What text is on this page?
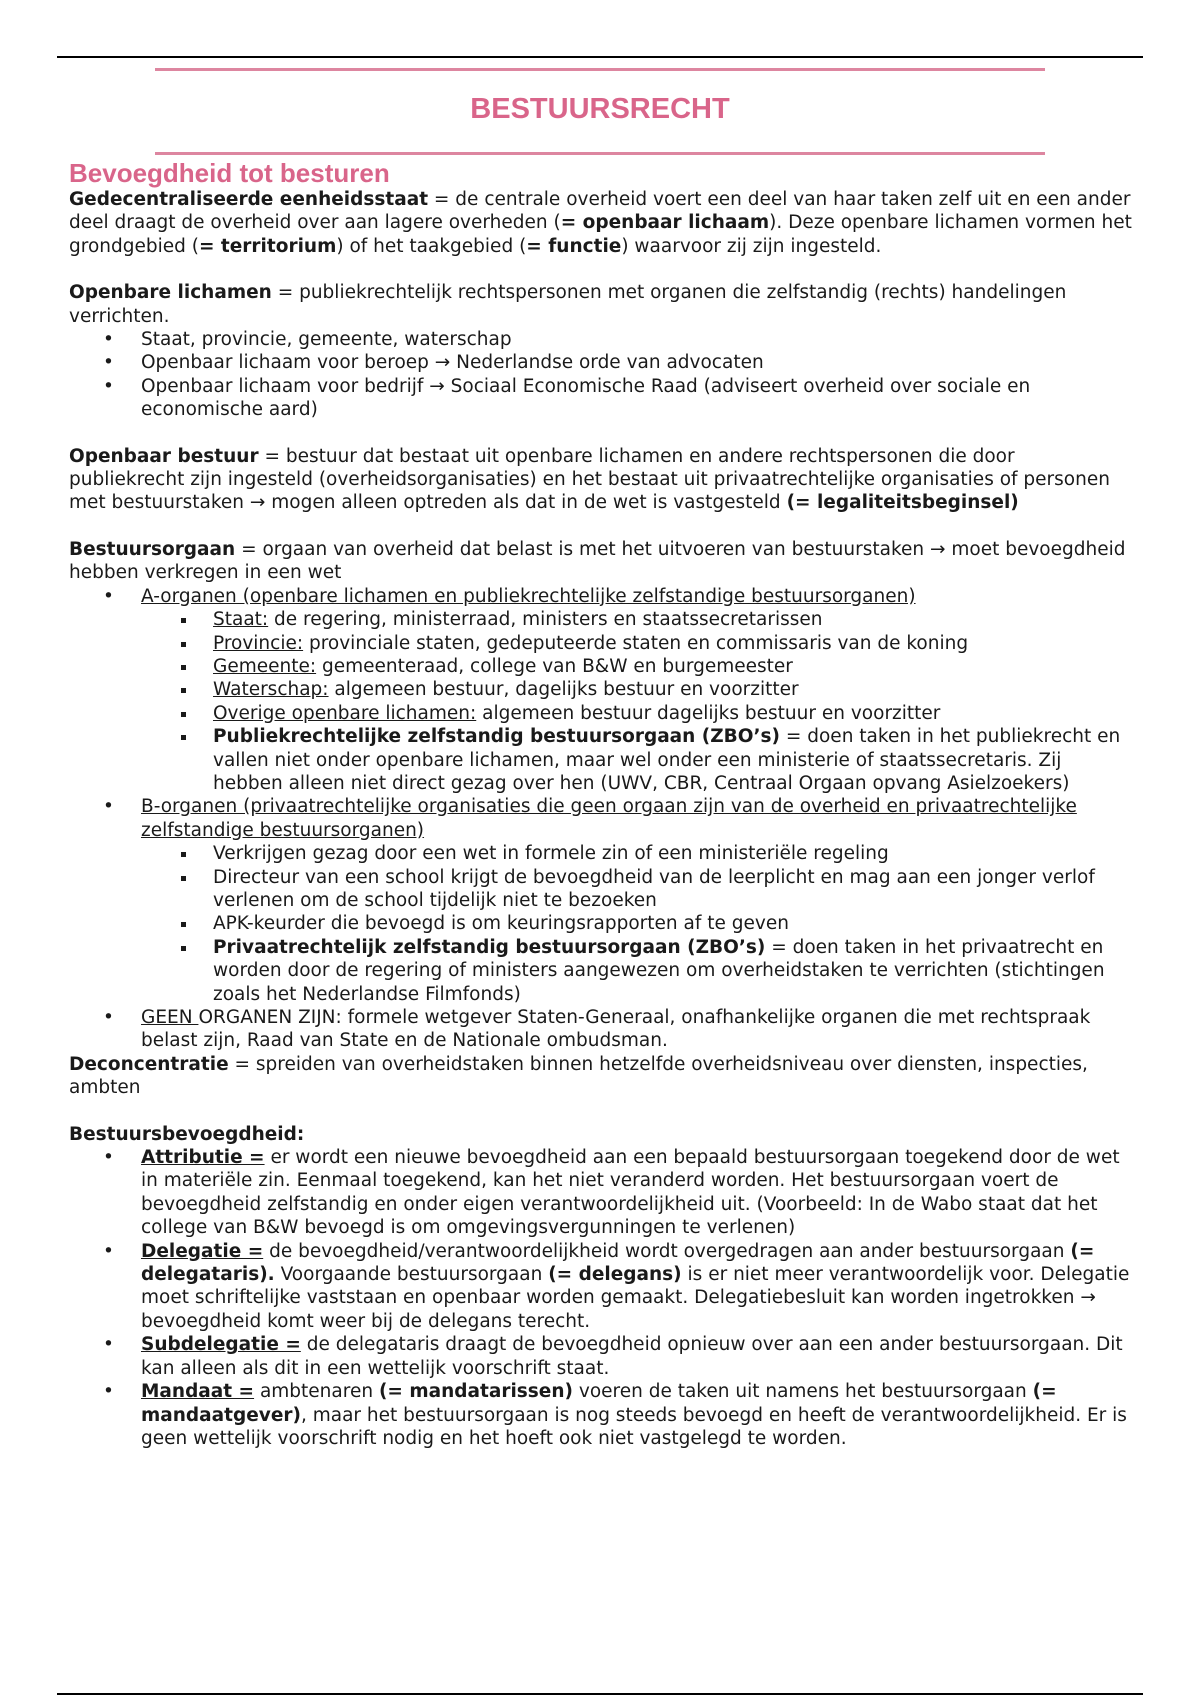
BESTUURSRECHT
Bevoegdheid tot besturen

Gedecentraliseerde eenheidsstaat = de centrale overheid voert een deel van haar taken zelf uit en een ander deel draagt de overheid over aan lagere overheden (= openbaar lichaam). Deze openbare lichamen vormen het grondgebied (= territorium) of het taakgebied (= functie) waarvoor zij zijn ingesteld.

Openbare lichamen = publiekrechtelijk rechtspersonen met organen die zelfstandig (rechts) handelingen verrichten.

• Staat, provincie, gemeente, waterschap
• Openbaar lichaam voor beroep → Nederlandse orde van advocaten
• Openbaar lichaam voor bedrijf → Sociaal Economische Raad (adviseert overheid over sociale en economische aard)

Openbaar bestuur = bestuur dat bestaat uit openbare lichamen en andere rechtspersonen die door publiekrecht zijn ingesteld (overheidsorganisaties) en het bestaat uit privaatrechtelijke organisaties of personen met bestuurstaken → mogen alleen optreden als dat in de wet is vastgesteld (= legaliteitsbeginsel)

Bestuursorgaan = orgaan van overheid dat belast is met het uitvoeren van bestuurstaken → moet bevoegdheid hebben verkregen in een wet

• A-organen (openbare lichamen en publiekrechtelijke zelfstandige bestuursorganen)
Staat: de regering, ministerraad, ministers en staatssecretarissen
Provincie: provinciale staten, gedeputeerde staten en commissaris van de koning
Gemeente: gemeenteraad, college van B&W en burgemeester
Waterschap: algemeen bestuur, dagelijks bestuur en voorzitter
Overige openbare lichamen: algemeen bestuur dagelijks bestuur en voorzitter
Publiekrechtelijke zelfstandig bestuursorgaan (ZBO’s) = doen taken in het publiekrecht en vallen niet onder openbare lichamen, maar wel onder een ministerie of staatssecretaris. Zij hebben alleen niet direct gezag over hen (UWV, CBR, Centraal Orgaan opvang Asielzoekers)
• B-organen (privaatrechtelijke organisaties die geen orgaan zijn van de overheid en privaatrechtelijke zelfstandige bestuursorganen)
Verkrijgen gezag door een wet in formele zin of een ministeriële regeling
Directeur van een school krijgt de bevoegdheid van de leerplicht en mag aan een jonger verlof verlenen om de school tijdelijk niet te bezoeken
APK-keurder die bevoegd is om keuringsrapporten af te geven
Privaatrechtelijk zelfstandig bestuursorgaan (ZBO’s) = doen taken in het privaatrecht en worden door de regering of ministers aangewezen om overheidstaken te verrichten (stichtingen zoals het Nederlandse Filmfonds)
• GEEN ORGANEN ZIJN: formele wetgever Staten-Generaal, onafhankelijke organen die met rechtspraak belast zijn, Raad van State en de Nationale ombudsman.

Deconcentratie = spreiden van overheidstaken binnen hetzelfde overheidsniveau over diensten, inspecties, ambten

Bestuursbevoegdheid:

• Attributie = er wordt een nieuwe bevoegdheid aan een bepaald bestuursorgaan toegekend door de wet in materiële zin. Eenmaal toegekend, kan het niet veranderd worden. Het bestuursorgaan voert de bevoegdheid zelfstandig en onder eigen verantwoordelijkheid uit. (Voorbeeld: In de Wabo staat dat het college van B&W bevoegd is om omgevingsvergunningen te verlenen)
• Delegatie = de bevoegdheid/verantwoordelijkheid wordt overgedragen aan ander bestuursorgaan (= delegataris). Voorgaande bestuursorgaan (= delegans) is er niet meer verantwoordelijk voor. Delegatie moet schriftelijke vaststaan en openbaar worden gemaakt. Delegatiebesluit kan worden ingetrokken → bevoegdheid komt weer bij de delegans terecht.
• Subdelegatie = de delegataris draagt de bevoegdheid opnieuw over aan een ander bestuursorgaan. Dit kan alleen als dit in een wettelijk voorschrift staat.
• Mandaat = ambtenaren (= mandatarissen) voeren de taken uit namens het bestuursorgaan (= mandaatgever), maar het bestuursorgaan is nog steeds bevoegd en heeft de verantwoordelijkheid. Er is geen wettelijk voorschrift nodig en het hoeft ook niet vastgelegd te worden.
